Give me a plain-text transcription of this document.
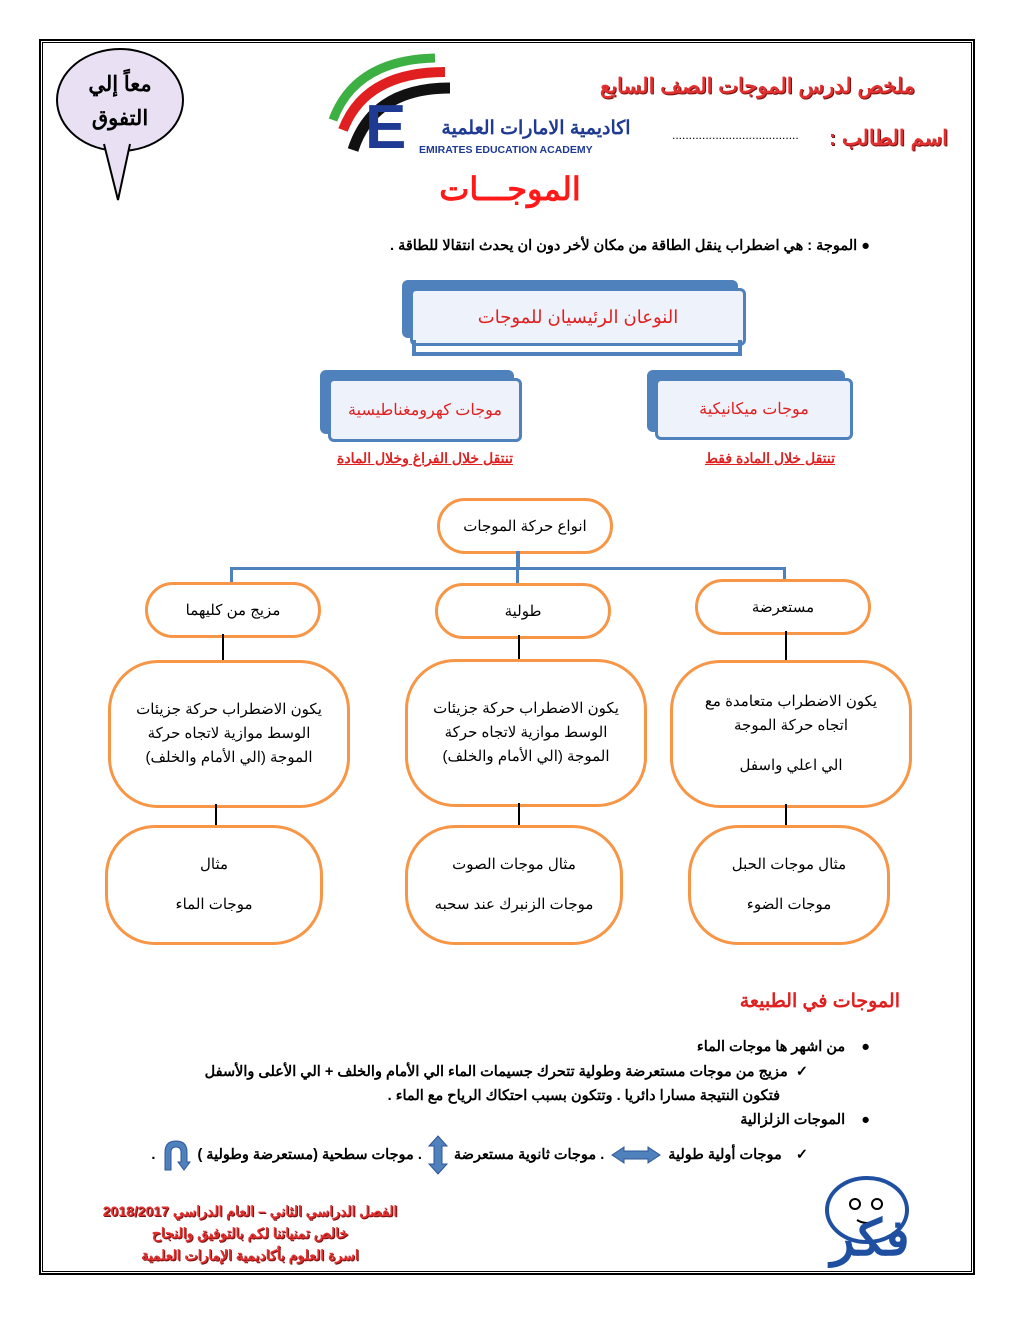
معاً إلي
التفوق	E	اكاديمية الامارات العلمية
EMIRATES EDUCATION ACADEMY
ملخص لدرس الموجات الصف السابع
اسم الطالب :
......................................
الموجـــات
● الموجة : هي اضطراب ينقل الطاقة من مكان لأخر دون ان يحدث انتقالا للطاقة .
النوعان الرئيسيان للموجات
موجات كهرومغناطيسية	موجات ميكانيكية
تنتقل خلال الفراغ وخلال المادة	تنتقل خلال المادة فقط
انواع حركة الموجات
مستعرضة
يكون الاضطراب متعامدة مع
اتجاه حركة الموجة
الي اعلي واسفل
مثال موجات الحبل
موجات الضوء
طولية
يكون الاضطراب حركة جزيئات
الوسط موازية لاتجاه حركة
الموجة (الي الأمام والخلف)
مثال موجات الصوت
موجات الزنبرك عند سحبه
مزيج من كليهما
يكون الاضطراب حركة جزيئات
الوسط موازية لاتجاه حركة
الموجة (الي الأمام والخلف)
مثال
موجات الماء
الموجات في الطبيعة
●    من اشهر ها موجات الماء
✓  مزيج من موجات مستعرضة وطولية تتحرك جسيمات الماء الي الأمام والخلف + الي الأعلى والأسفل
فتكون النتيجة مسارا دائريا . وتتكون بسبب احتكاك الرياح مع الماء .
●    الموجات الزلزالية
✓
موجات أولية طولية
. موجات ثانوية مستعرضة
. موجات سطحية (مستعرضة وطولية )
.
الفصل الدراسي الثاني – العام الدراسي 2018/2017
خالص تمنياتنا لكم بالتوفيق والنجاح
اسرة العلوم بأكاديمية الإمارات العلمية	فكر
